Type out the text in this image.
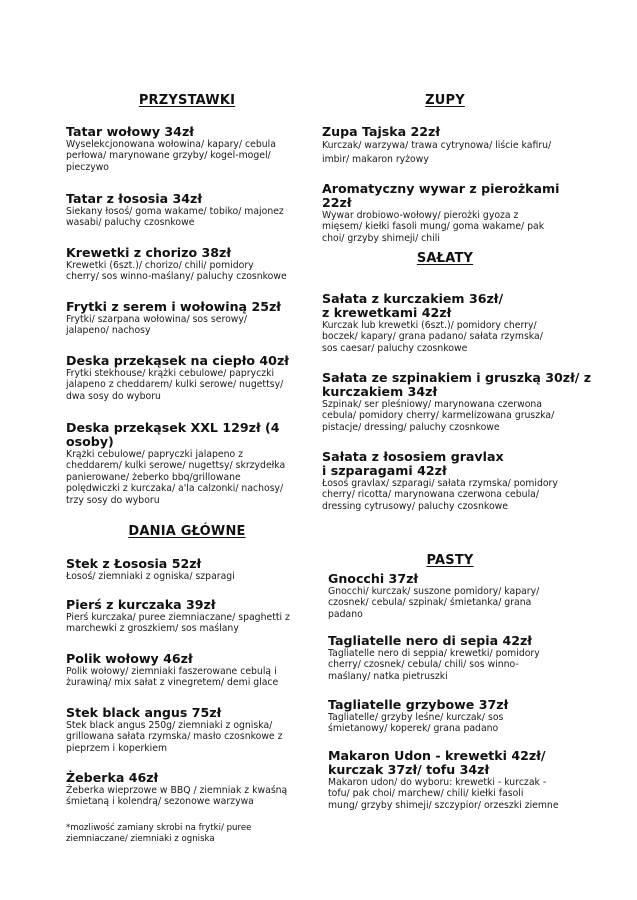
PRZYSTAWKI
Tatar wołowy 34zł
Wyselekcjonowana wołowina/ kapary/ cebula
perłowa/ marynowane grzyby/ kogel-mogel/
pieczywo
Tatar z łososia 34zł
Siekany łosoś/ goma wakame/ tobiko/ majonez
wasabi/ paluchy czosnkowe
Krewetki z chorizo 38zł
Krewetki (6szt.)/ chorizo/ chili/ pomidory
cherry/ sos winno-maślany/ paluchy czosnkowe
Frytki z serem i wołowiną 25zł
Frytki/ szarpana wołowina/ sos serowy/
jalapeno/ nachosy
Deska przekąsek na ciepło 40zł
Frytki stekhouse/ krążki cebulowe/ papryczki
jalapeno z cheddarem/ kulki serowe/ nugettsy/
dwa sosy do wyboru
Deska przekąsek XXL 129zł (4 osoby)
Krążki cebulowe/ papryczki jalapeno z
cheddarem/ kulki serowe/ nugettsy/ skrzydełka
panierowane/ żeberko bbq/grillowane
polędwiczki z kurczaka/ a'la calzonki/ nachosy/
trzy sosy do wyboru
ZUPY
Zupa Tajska 22zł
Kurczak/ warzywa/ trawa cytrynowa/ liście kafiru/
imbir/ makaron ryżowy
Aromatyczny wywar z pierożkami 22zł
Wywar drobiowo-wołowy/ pierożki gyoza z
mięsem/ kiełki fasoli mung/ goma wakame/ pak
choi/ grzyby shimeji/ chili
SAŁATY
Sałata z kurczakiem 36zł/
z krewetkami 42zł
Kurczak lub krewetki (6szt.)/ pomidory cherry/
boczek/ kapary/ grana padano/ sałata rzymska/
sos caesar/ paluchy czosnkowe
Sałata ze szpinakiem i gruszką 30zł/ z
kurczakiem 34zł
Szpinak/ ser pleśniowy/ marynowana czerwona
cebula/ pomidory cherry/ karmelizowana gruszka/
pistacje/ dressing/ paluchy czosnkowe
Sałata z łososiem gravlax
i szparagami 42zł
Łosoś gravlax/ szparagi/ sałata rzymska/ pomidory
cherry/ ricotta/ marynowana czerwona cebula/
dressing cytrusowy/ paluchy czosnkowe
DANIA GŁÓWNE
Stek z Łososia 52zł
Łosoś/ ziemniaki z ogniska/ szparagi
Pierś z kurczaka 39zł
Pierś kurczaka/ puree ziemniaczane/ spaghetti z
marchewki z groszkiem/ sos maślany
Polik wołowy 46zł
Polik wołowy/ ziemniaki faszerowane cebulą i
żurawiną/ mix sałat z vinegretem/ demi glace
Stek black angus 75zł
Stek black angus 250g/ ziemniaki z ogniska/
grillowana sałata rzymska/ masło czosnkowe z
pieprzem i koperkiem
Żeberka 46zł
Żeberka wieprzowe w BBQ / ziemniak z kwaśną
śmietaną i kolendrą/ sezonowe warzywa
*mozliwość zamiany skrobi na frytki/ puree
ziemniaczane/ ziemniaki z ogniska
PASTY
Gnocchi 37zł
Gnocchi/ kurczak/ suszone pomidory/ kapary/
czosnek/ cebula/ szpinak/ śmietanka/ grana
padano
Tagliatelle nero di sepia 42zł
Tagliatelle nero di seppia/ krewetki/ pomidory
cherry/ czosnek/ cebula/ chili/ sos winno-
maślany/ natka pietruszki
Tagliatelle grzybowe 37zł
Tagliatelle/ grzyby leśne/ kurczak/ sos
śmietanowy/ koperek/ grana padano
Makaron Udon - krewetki 42zł/
kurczak 37zł/ tofu 34zł
Makaron udon/ do wyboru: krewetki - kurczak -
tofu/ pak choi/ marchew/ chili/ kiełki fasoli
mung/ grzyby shimeji/ szczypior/ orzeszki ziemne
